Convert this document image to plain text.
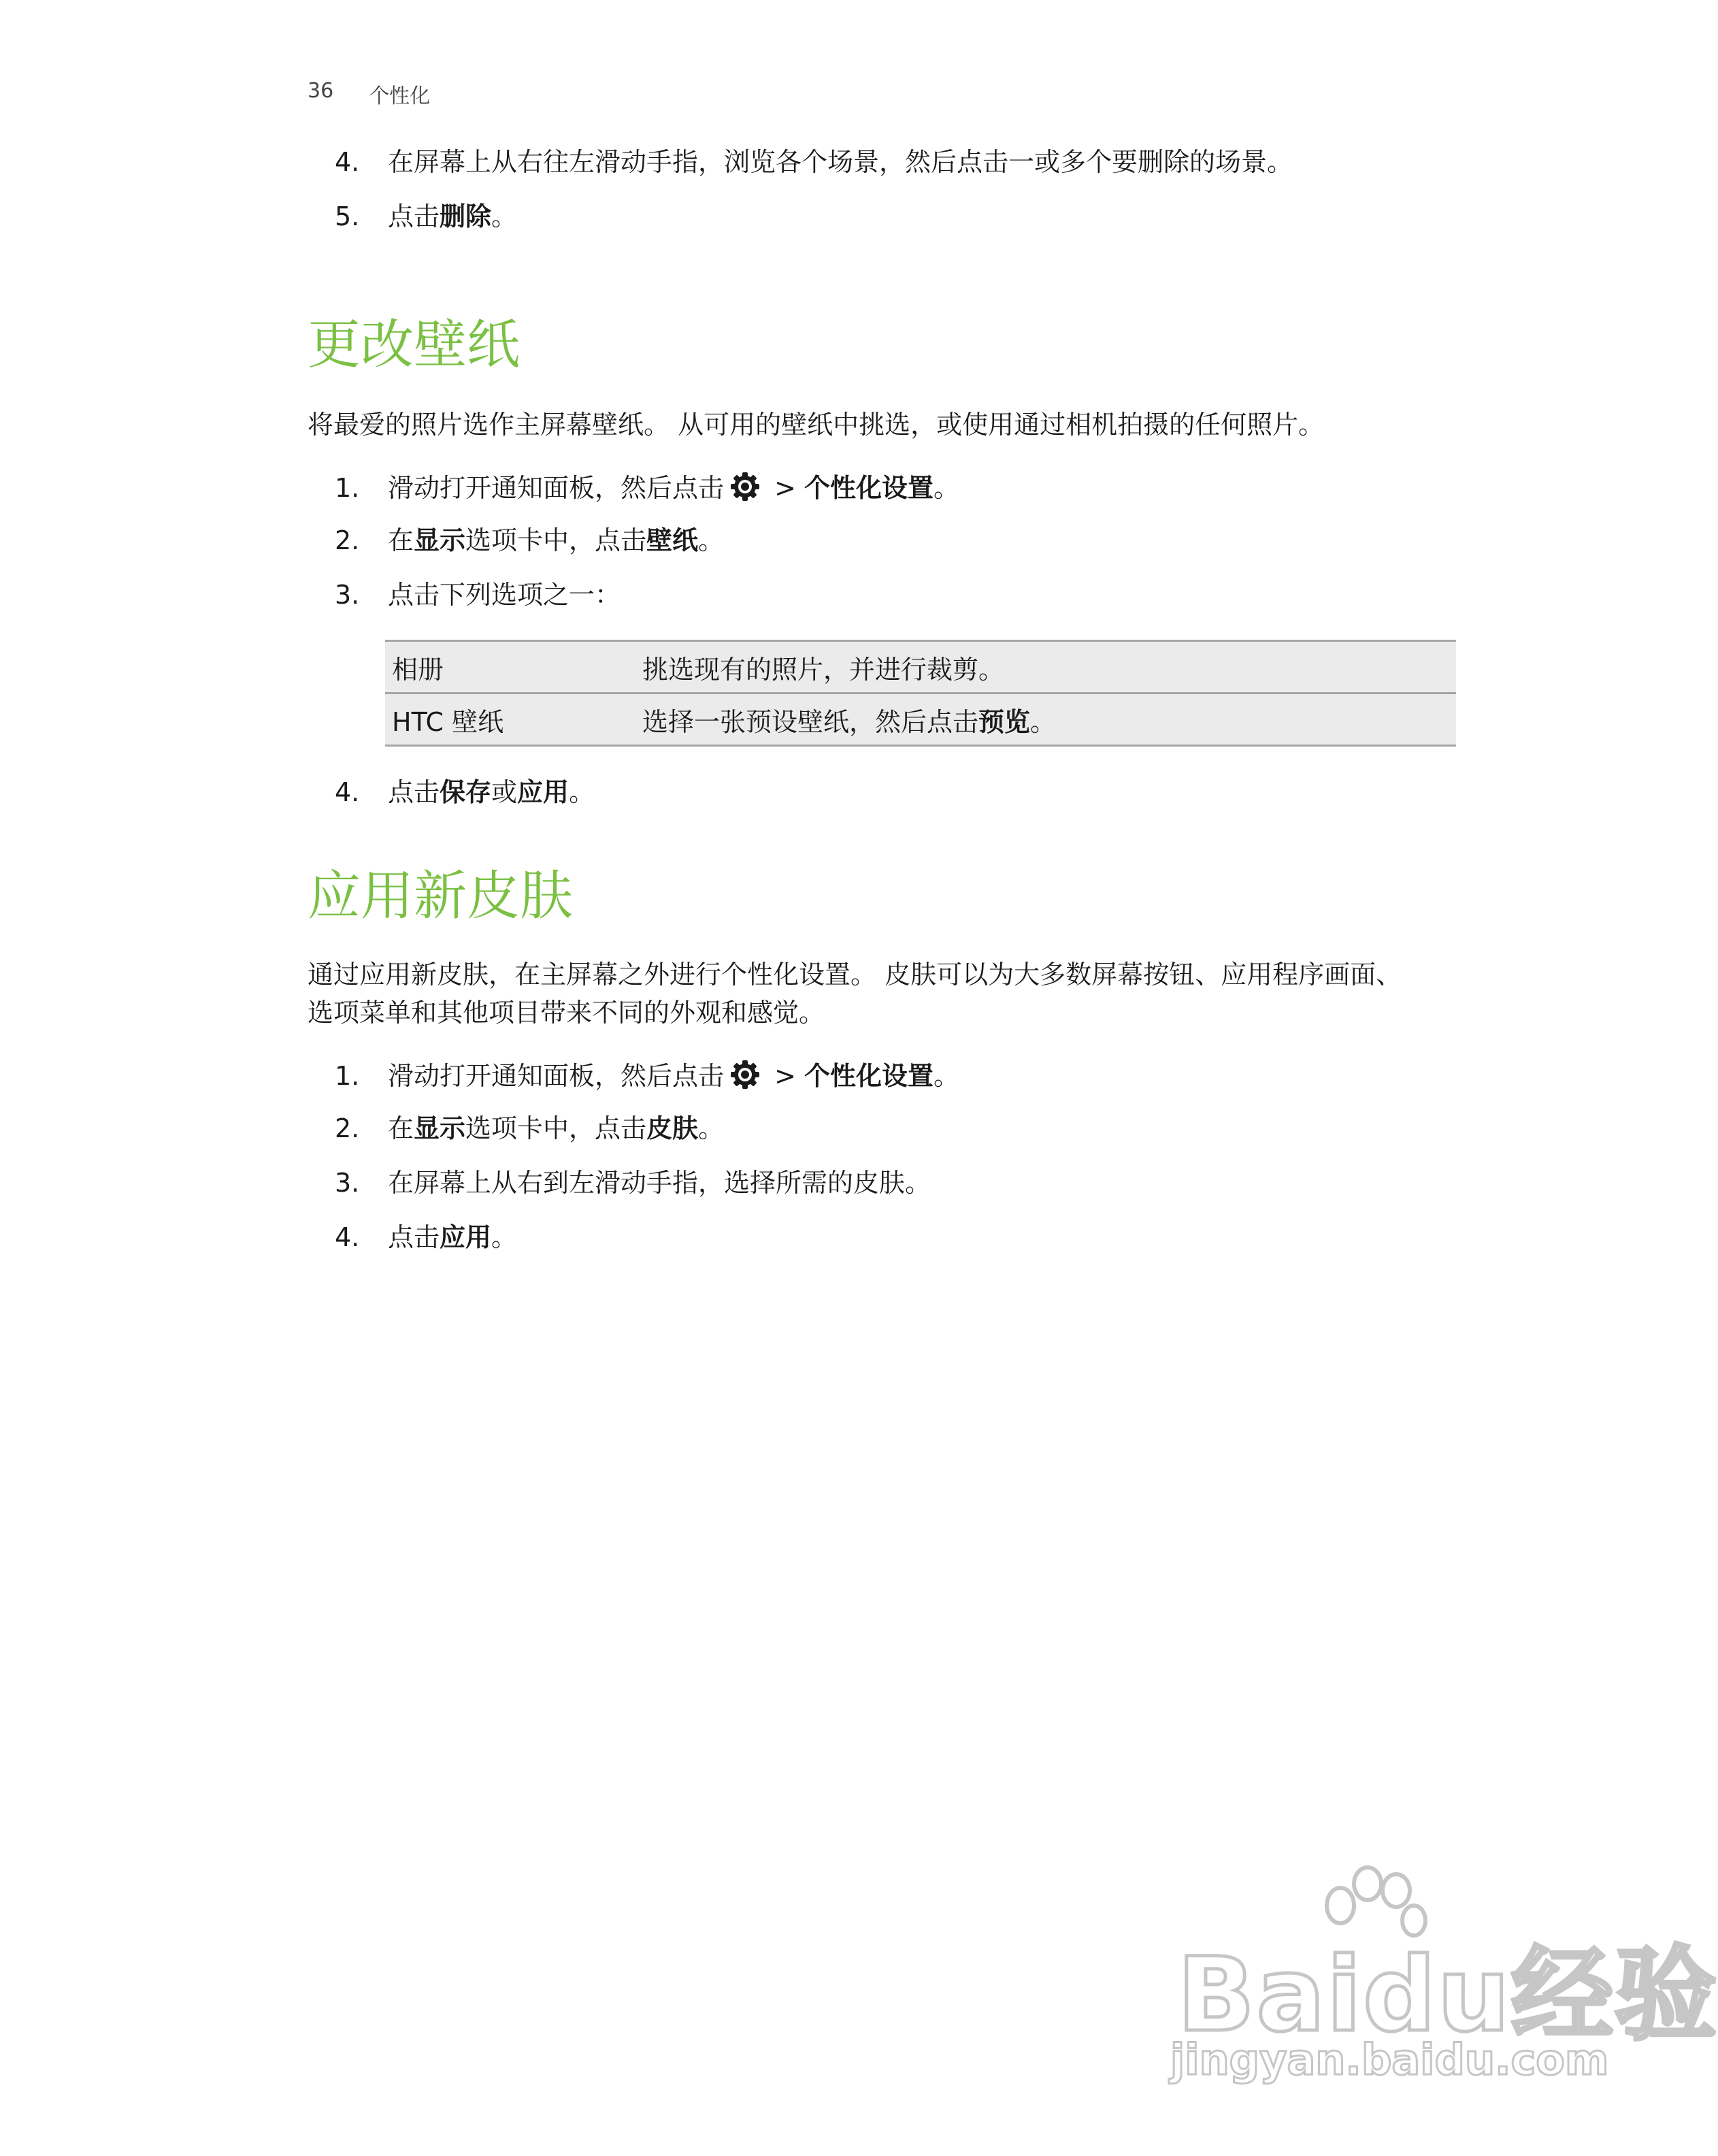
36 个性化
4. 在屏幕上从右往左滑动手指，浏览各个场景，然后点击一或多个要删除的场景。
5. 点击删除。
更改壁纸
将最爱的照片选作主屏幕壁纸。 从可用的壁纸中挑选，或使用通过相机拍摄的任何照片。
1. 滑动打开通知面板，然后点击 > 个性化设置。
2. 在显示选项卡中，点击壁纸。
3. 点击下列选项之一：
相册	挑选现有的照片，并进行裁剪。
HTC 壁纸	选择一张预设壁纸，然后点击预览。
4. 点击保存或应用。
应用新皮肤
通过应用新皮肤，在主屏幕之外进行个性化设置。 皮肤可以为大多数屏幕按钮、应用程序画面、
选项菜单和其他项目带来不同的外观和感觉。
1. 滑动打开通知面板，然后点击 > 个性化设置。
2. 在显示选项卡中，点击皮肤。
3. 在屏幕上从右到左滑动手指，选择所需的皮肤。
4. 点击应用。
Baidu经验
jingyan.baidu.com
